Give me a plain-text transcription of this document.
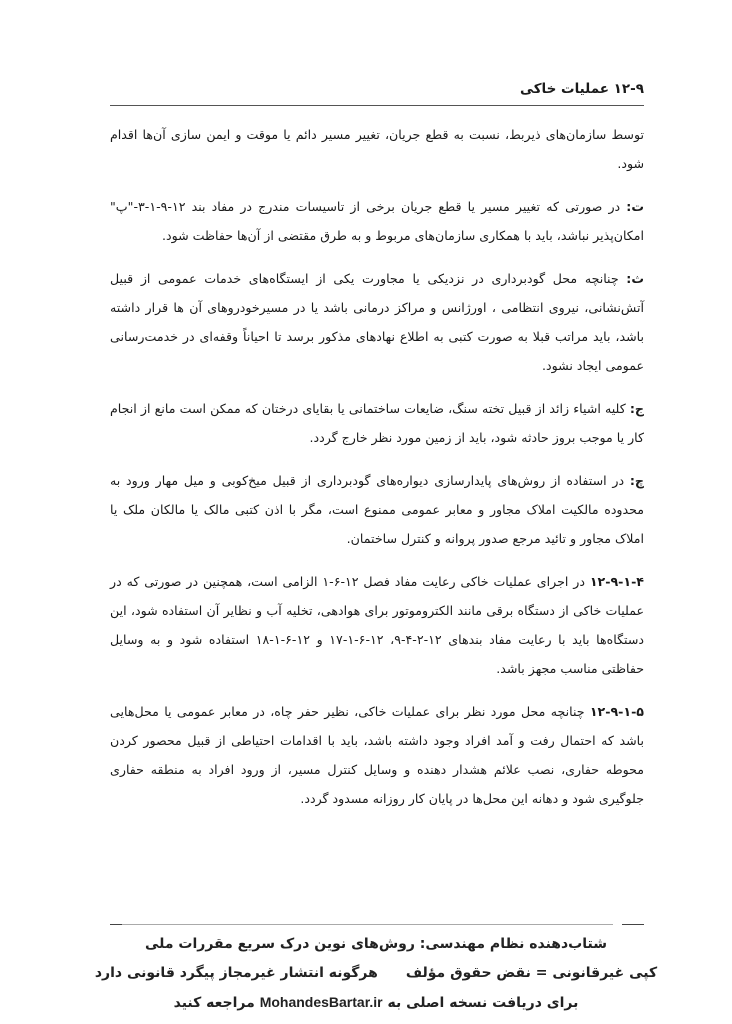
۱۲-۹ عملیات خاکی

توسط سازمان‌های ذیربط، نسبت به قطع جریان، تغییر مسیر دائم یا موقت و ایمن سازی آن‌ها اقدام شود.

ت: در صورتی که تغییر مسیر یا قطع جریان برخی از تاسیسات مندرج در مفاد بند ۱۲-۹-۱-۳-"پ" امکان‌پذیر نباشد، باید با همکاری سازمان‌های مربوط و به طرق مقتضی از آن‌ها حفاظت شود.

ث: چنانچه محل گودبرداری در نزدیکی یا مجاورت یکی از ایستگاه‌های خدمات عمومی از قبیل آتش‌نشانی، نیروی انتظامی ، اورژانس و مراکز درمانی باشد یا در مسیرخودروهای آن ها قرار داشته باشد، باید مراتب قبلا به صورت کتبی به اطلاع نهادهای مذکور برسد تا احیاناً وقفه‌ای در خدمت‌رسانی عمومی ایجاد نشود.

ج: کلیه اشیاء زائد از قبیل تخته سنگ، ضایعات ساختمانی یا بقایای درختان که ممکن است مانع از انجام کار یا موجب بروز حادثه شود، باید از زمین مورد نظر خارج گردد.

چ: در استفاده از روش‌های پایدارسازی دیواره‌های گودبرداری از قبیل میخ‌کوبی و میل مهار ورود به محدوده مالکیت املاک مجاور و معابر عمومی ممنوع است، مگر با اذن کتبی مالک یا مالکان ملک یا املاک مجاور و تائید مرجع صدور پروانه و کنترل ساختمان.

۱۲-۹-۱-۴ در اجرای عملیات خاکی رعایت مفاد فصل ۱۲-۶-۱ الزامی است، همچنین در صورتی که در عملیات خاکی از دستگاه برقی مانند الکتروموتور برای هوادهی، تخلیه آب و نظایر آن استفاده شود، این دستگاه‌ها باید با رعایت مفاد بندهای ۱۲-۲-۴-۹، ۱۲-۶-۱-۱۷ و ۱۲-۶-۱-۱۸ استفاده شود و به وسایل حفاظتی مناسب مجهز باشد.

۱۲-۹-۱-۵ چنانچه محل مورد نظر برای عملیات خاکی، نظیر حفر چاه، در معابر عمومی یا محل‌هایی باشد که احتمال رفت و آمد افراد وجود داشته باشد، باید با اقدامات احتیاطی از قبیل محصور کردن محوطه حفاری، نصب علائم هشدار دهنده و وسایل کنترل مسیر، از ورود افراد به منطقه حفاری جلوگیری شود و دهانه این محل‌ها در پایان کار روزانه مسدود گردد.

شتاب‌دهنده نظام مهندسی: روش‌های نوین درک سریع مقررات ملی
کپی غیرقانونی = نقض حقوق مؤلفهرگونه انتشار غیرمجاز پیگرد قانونی دارد
برای دریافت نسخه اصلی به MohandesBartar.ir مراجعه کنید
